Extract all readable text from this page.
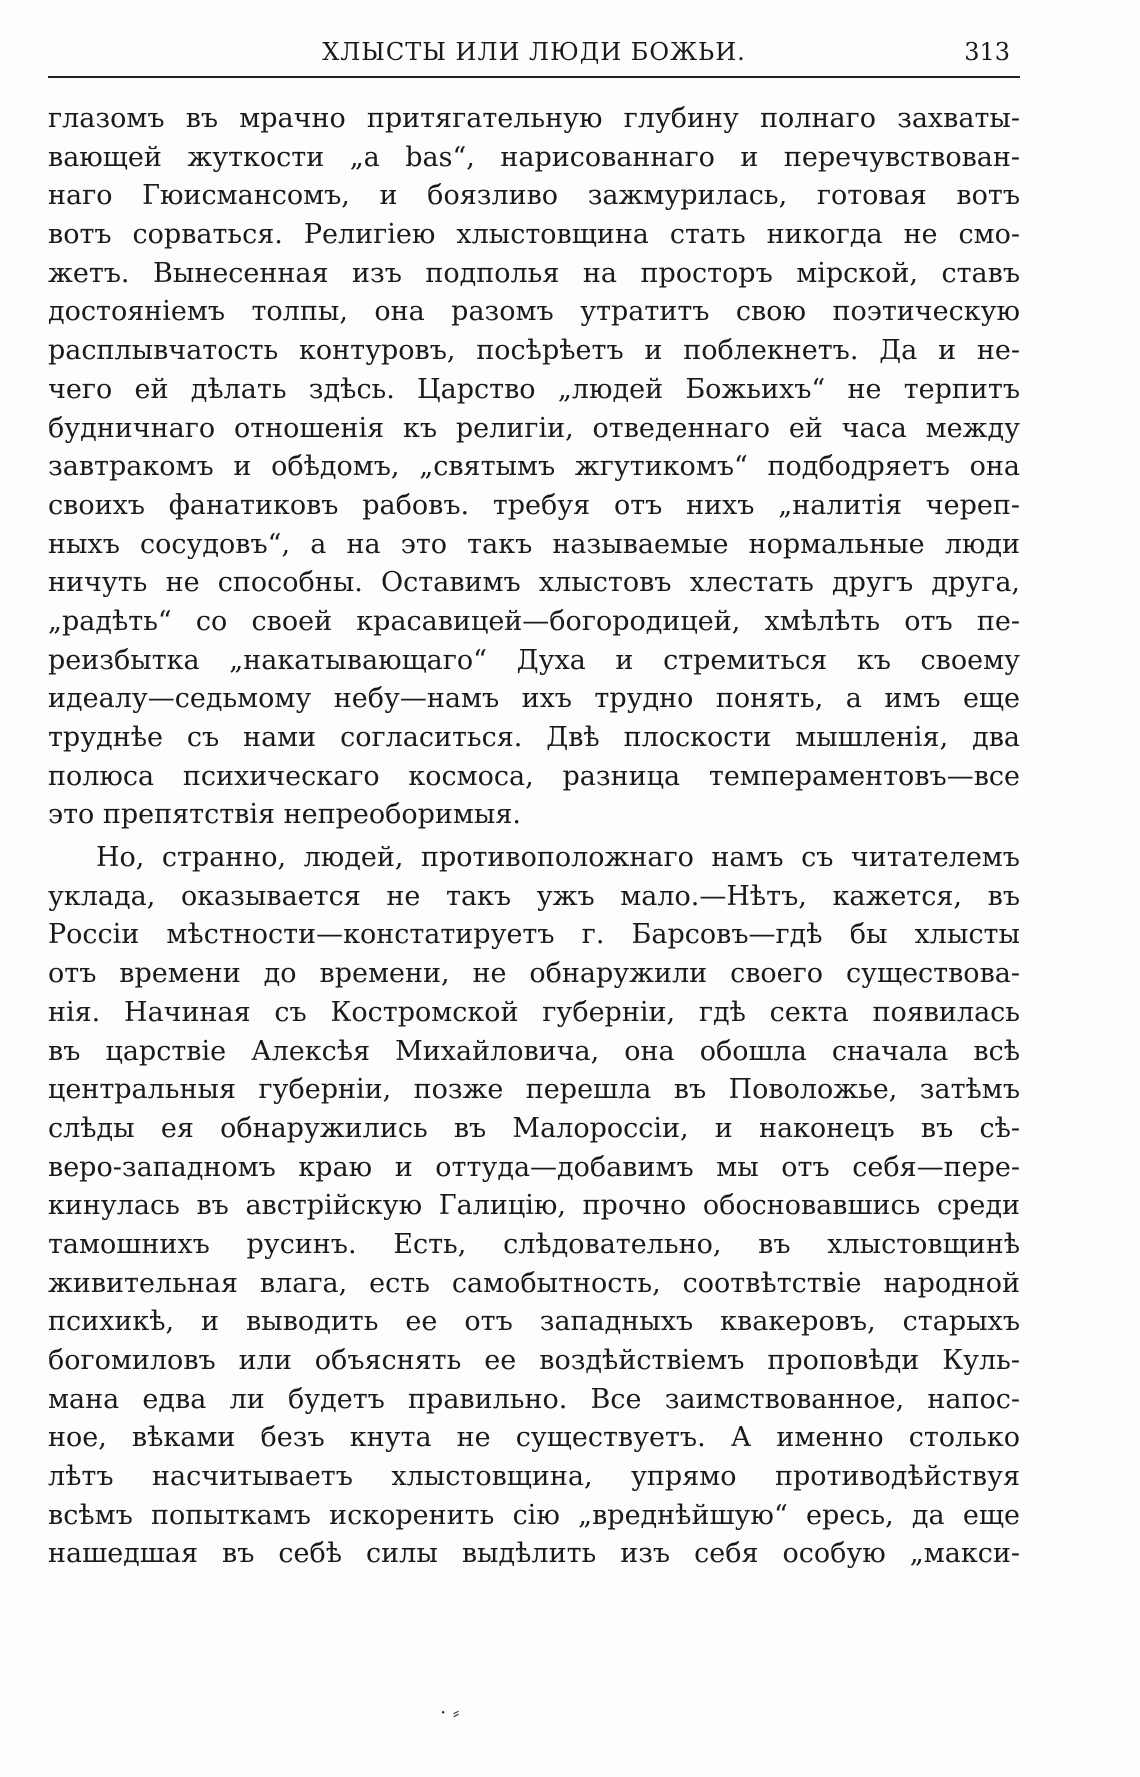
ХЛЫСТЫ ИЛИ ЛЮДИ БОЖЬИ.	313
глазомъ въ мрачно притягательную глубину полнаго захваты-
вающей жуткости „a bas“, нарисованнаго и перечувствован-
наго Гюисмансомъ, и боязливо зажмурилась, готовая вотъ
вотъ сорваться. Религіею хлыстовщина стать никогда не смо-
жетъ. Вынесенная изъ подполья на просторъ мірской, ставъ
достояніемъ толпы, она разомъ утратитъ свою поэтическую
расплывчатость контуровъ, посѣрѣетъ и поблекнетъ. Да и не-
чего ей дѣлать здѣсь. Царство „людей Божьихъ“ не терпитъ
будничнаго отношенія къ религіи, отведеннаго ей часа между
завтракомъ и обѣдомъ, „святымъ жгутикомъ“ подбодряетъ она
своихъ фанатиковъ рабовъ. требуя отъ нихъ „налитія череп-
ныхъ сосудовъ“, а на это такъ называемые нормальные люди
ничуть не способны. Оставимъ хлыстовъ хлестать другъ друга,
„радѣть“ со своей красавицей—богородицей, хмѣлѣть отъ пе-
реизбытка „накатывающаго“ Духа и стремиться къ своему
идеалу—седьмому небу—намъ ихъ трудно понять, а имъ еще
труднѣе съ нами согласиться. Двѣ плоскости мышленія, два
полюса психическаго космоса, разница темпераментовъ—все
это препятствія непреоборимыя.
Но, странно, людей, противоположнаго намъ съ читателемъ
уклада, оказывается не такъ ужъ мало.—Нѣтъ, кажется, въ
Россіи мѣстности—констатируетъ г. Барсовъ—гдѣ бы хлысты
отъ времени до времени, не обнаружили своего существова-
нія. Начиная съ Костромской губерніи, гдѣ секта появилась
въ царствіе Алексѣя Михайловича, она обошла сначала всѣ
центральныя губерніи, позже перешла въ Поволожье, затѣмъ
слѣды ея обнаружились въ Малороссіи, и наконецъ въ сѣ-
веро-западномъ краю и оттуда—добавимъ мы отъ себя—пере-
кинулась въ австрійскую Галицію, прочно обосновавшись среди
тамошнихъ русинъ. Есть, слѣдовательно, въ хлыстовщинѣ
живительная влага, есть самобытность, соотвѣтствіе народной
психикѣ, и выводить ее отъ западныхъ квакеровъ, старыхъ
богомиловъ или объяснять ее воздѣйствіемъ проповѣди Куль-
мана едва ли будетъ правильно. Все заимствованное, напос-
ное, вѣками безъ кнута не существуетъ. А именно столько
лѣтъ насчитываетъ хлыстовщина, упрямо противодѣйствуя
всѣмъ попыткамъ искоренить сію „вреднѣйшую“ ересь, да еще
нашедшая въ себѣ силы выдѣлить изъ себя особую „макси-
· ⸗
